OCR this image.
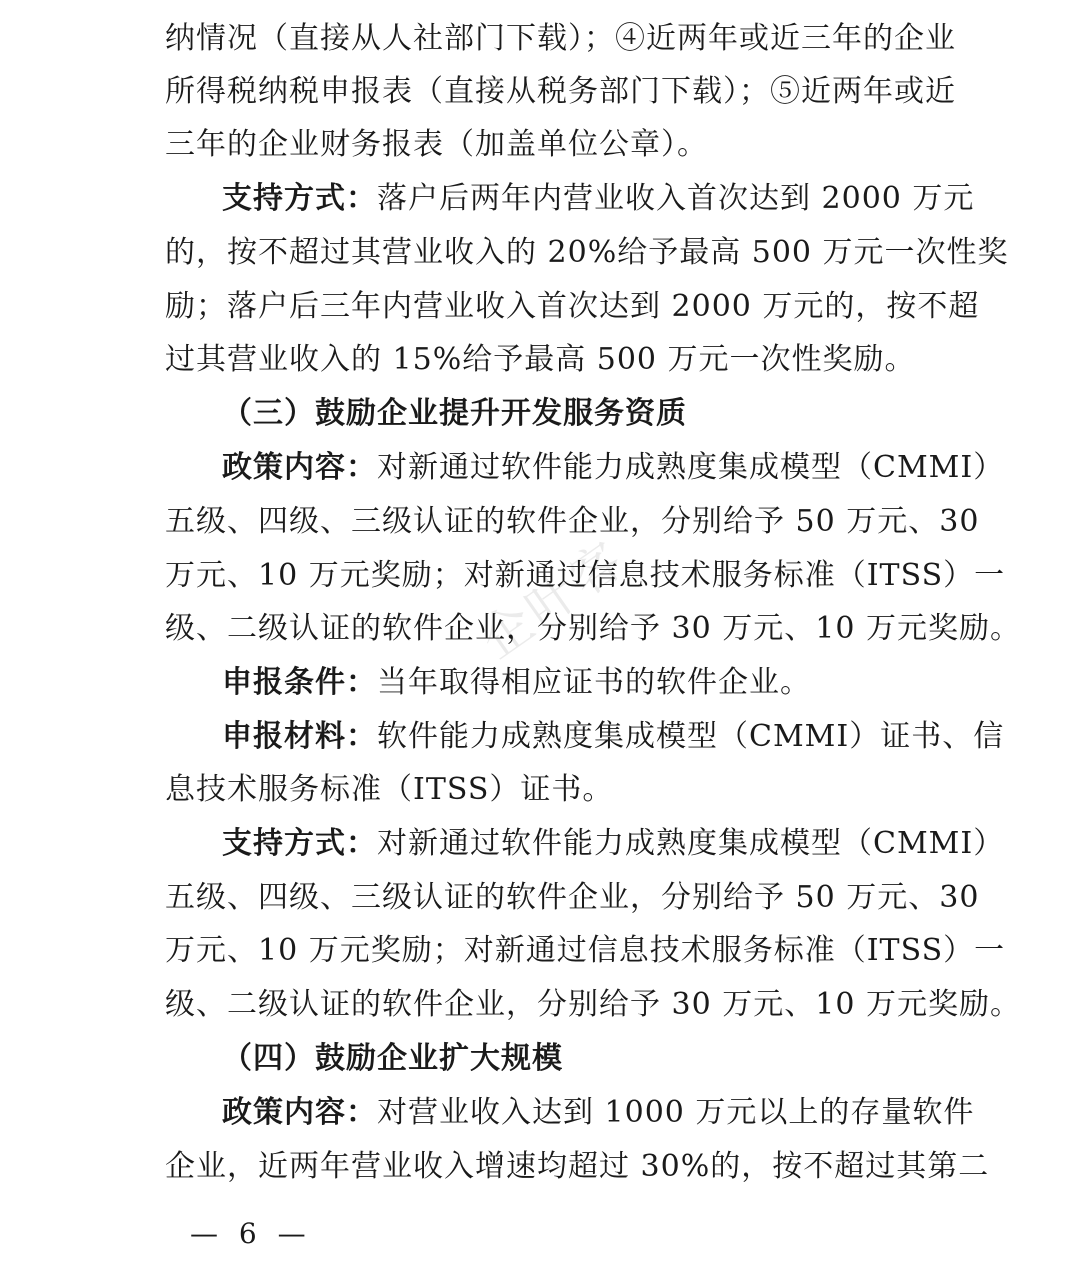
纳情况（直接从人社部门下载）；④近两年或近三年的企业
所得税纳税申报表（直接从税务部门下载）；⑤近两年或近
三年的企业财务报表（加盖单位公章）。
支持方式：落户后两年内营业收入首次达到 2000 万元
的，按不超过其营业收入的 20%给予最高 500 万元一次性奖
励；落户后三年内营业收入首次达到 2000 万元的，按不超
过其营业收入的 15%给予最高 500 万元一次性奖励。
（三）鼓励企业提升开发服务资质
政策内容：对新通过软件能力成熟度集成模型（CMMI）
五级、四级、三级认证的软件企业，分别给予 50 万元、30
万元、10 万元奖励；对新通过信息技术服务标准（ITSS）一
级、二级认证的软件企业，分别给予 30 万元、10 万元奖励。
申报条件：当年取得相应证书的软件企业。
申报材料：软件能力成熟度集成模型（CMMI）证书、信
息技术服务标准（ITSS）证书。
支持方式：对新通过软件能力成熟度集成模型（CMMI）
五级、四级、三级认证的软件企业，分别给予 50 万元、30
万元、10 万元奖励；对新通过信息技术服务标准（ITSS）一
级、二级认证的软件企业，分别给予 30 万元、10 万元奖励。
（四）鼓励企业扩大规模
政策内容：对营业收入达到 1000 万元以上的存量软件
企业，近两年营业收入增速均超过 30%的，按不超过其第二
企叶客
— 6 —
